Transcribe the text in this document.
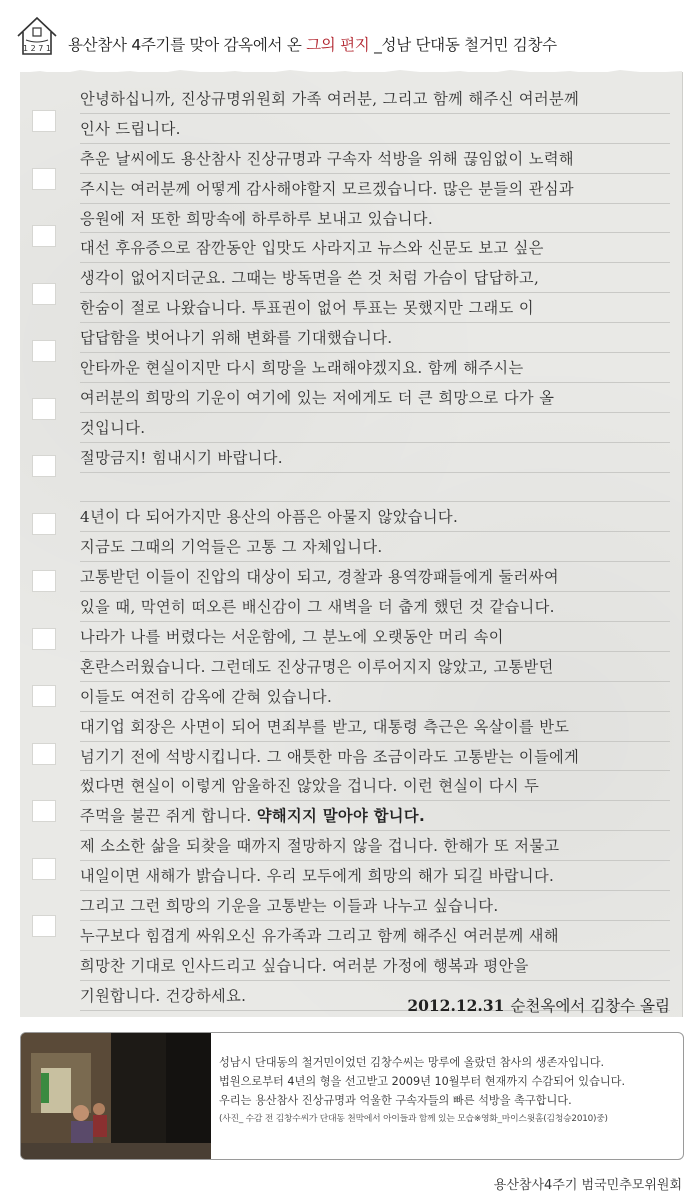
1 2 7 1 용산참사 4주기를 맞아 감옥에서 온 그의 편지 _성남 단대동 철거민 김창수
안녕하십니까, 진상규명위원회 가족 여러분, 그리고 함께 해주신 여러분께
인사 드립니다.
추운 날씨에도 용산참사 진상규명과 구속자 석방을 위해 끊임없이 노력해
주시는 여러분께 어떻게 감사해야할지 모르겠습니다. 많은 분들의 관심과
응원에 저 또한 희망속에 하루하루 보내고 있습니다.
대선 후유증으로 잠깐동안 입맛도 사라지고 뉴스와 신문도 보고 싶은
생각이 없어지더군요. 그때는 방독면을 쓴 것 처럼 가슴이 답답하고,
한숨이 절로 나왔습니다. 투표권이 없어 투표는 못했지만 그래도 이
답답함을 벗어나기 위해 변화를 기대했습니다.
안타까운 현실이지만 다시 희망을 노래해야겠지요. 함께 해주시는
여러분의 희망의 기운이 여기에 있는 저에게도 더 큰 희망으로 다가 올
것입니다.
절망금지! 힘내시기 바랍니다.
4년이 다 되어가지만 용산의 아픔은 아물지 않았습니다.
지금도 그때의 기억들은 고통 그 자체입니다.
고통받던 이들이 진압의 대상이 되고, 경찰과 용역깡패들에게 둘러싸여
있을 때, 막연히 떠오른 배신감이 그 새벽을 더 춥게 했던 것 같습니다.
나라가 나를 버렸다는 서운함에, 그 분노에 오랫동안 머리 속이
혼란스러웠습니다. 그런데도 진상규명은 이루어지지 않았고, 고통받던
이들도 여전히 감옥에 갇혀 있습니다.
대기업 회장은 사면이 되어 면죄부를 받고, 대통령 측근은 옥살이를 반도
넘기기 전에 석방시킵니다. 그 애틋한 마음 조금이라도 고통받는 이들에게
썼다면 현실이 이렇게 암울하진 않았을 겁니다. 이런 현실이 다시 두
주먹을 불끈 쥐게 합니다. 약해지지 말아야 합니다.
제 소소한 삶을 되찾을 때까지 절망하지 않을 겁니다. 한해가 또 저물고
내일이면 새해가 밝습니다. 우리 모두에게 희망의 해가 되길 바랍니다.
그리고 그런 희망의 기운을 고통받는 이들과 나누고 싶습니다.
누구보다 힘겹게 싸워오신 유가족과 그리고 함께 해주신 여러분께 새해
희망찬 기대로 인사드리고 싶습니다. 여러분 가정에 행복과 평안을
기원합니다. 건강하세요.
2012.12.31 순천옥에서 김창수 올림
성남시 단대동의 철거민이었던 김창수씨는 망루에 올랐던 참사의 생존자입니다.
법원으로부터 4년의 형을 선고받고 2009년 10월부터 현재까지 수감되어 있습니다.
우리는 용산참사 진상규명과 억울한 구속자들의 빠른 석방을 촉구합니다.
(사진_ 수감 전 김창수씨가 단대동 천막에서 아이들과 함께 있는 모습※영화_마이스윗홈(김청승2010)중)
용산참사4주기 범국민추모위원회
